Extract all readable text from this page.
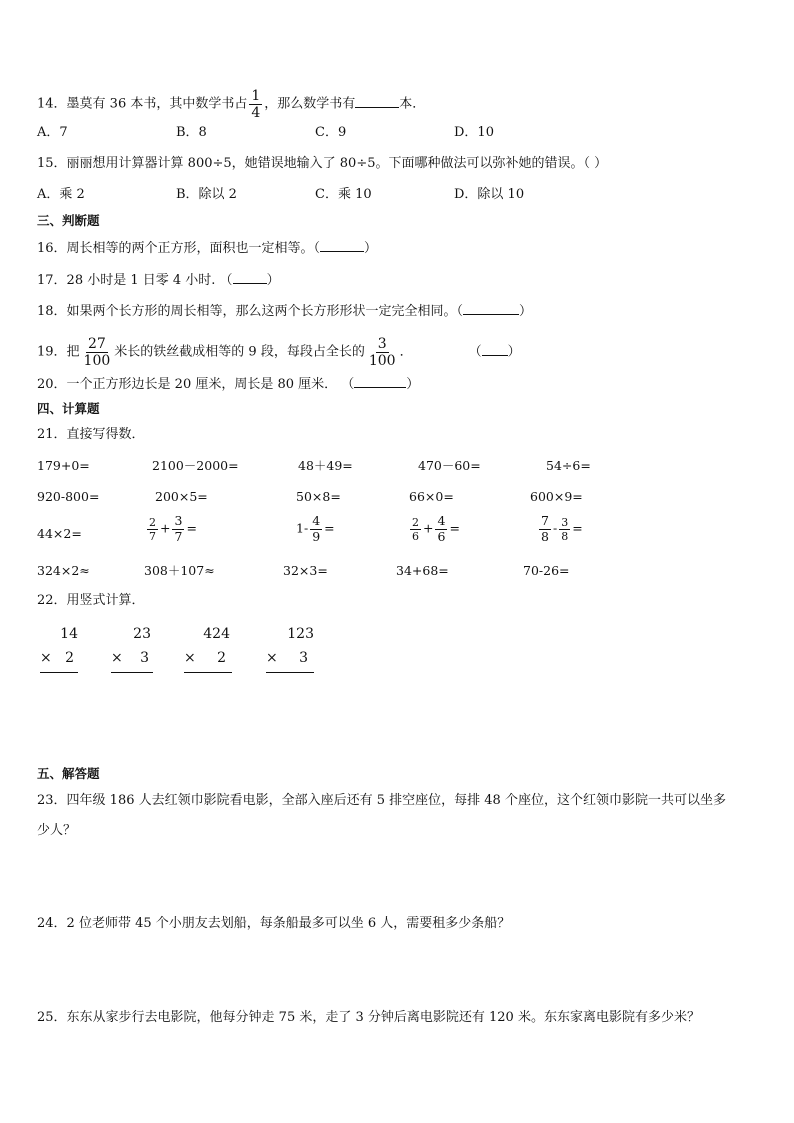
14．墨莫有 36 本书，其中数学书占 $\frac{1}{4}$ ，那么数学书有	本．
A．7	B．8	C．9	D．10
15．丽丽想用计算器计算 800÷5，她错误地输入了 80÷5。下面哪种做法可以弥补她的错误。（ ）
A．乘 2	B．除以 2	C．乘 10	D．除以 10
三、判断题
16．周长相等的两个正方形，面积也一定相等。（	）
17．28 小时是 1 日零 4 小时. （	）
18．如果两个长方形的周长相等，那么这两个长方形形状一定完全相同。（	）
19．把 $\frac{27}{100}$ 米长的铁丝截成相等的 9 段，每段占全长的 $\frac{3}{100}$ ．	（ ）
20．一个正方形边长是 20 厘米，周长是 80 厘米． （	）
四、计算题
21．直接写得数．
179+0=	2100－2000=	48＋49=	470－60=	54÷6=
920-800=	200×5=	50×8=	66×0=	600×9=
44×2=	$\frac{2}{7} + \frac{3}{7}$ =	$1- \frac{4}{9}$ =	$\frac{2}{6} + \frac{4}{6}$ =	$\frac{7}{8} - \frac{3}{8}$ =
324×2≈	308＋107≈	32×3=	34+68=	70-26=
22．用竖式计算．
14
× 2
23
× 3
424
× 2
123
× 3
五、解答题
23．四年级 186 人去红领巾影院看电影，全部入座后还有 5 排空座位，每排 48 个座位，这个红领巾影院一共可以坐多
少人？
24．2 位老师带 45 个小朋友去划船，每条船最多可以坐 6 人，需要租多少条船？
25．东东从家步行去电影院，他每分钟走 75 米，走了 3 分钟后离电影院还有 120 米。东东家离电影院有多少米？
